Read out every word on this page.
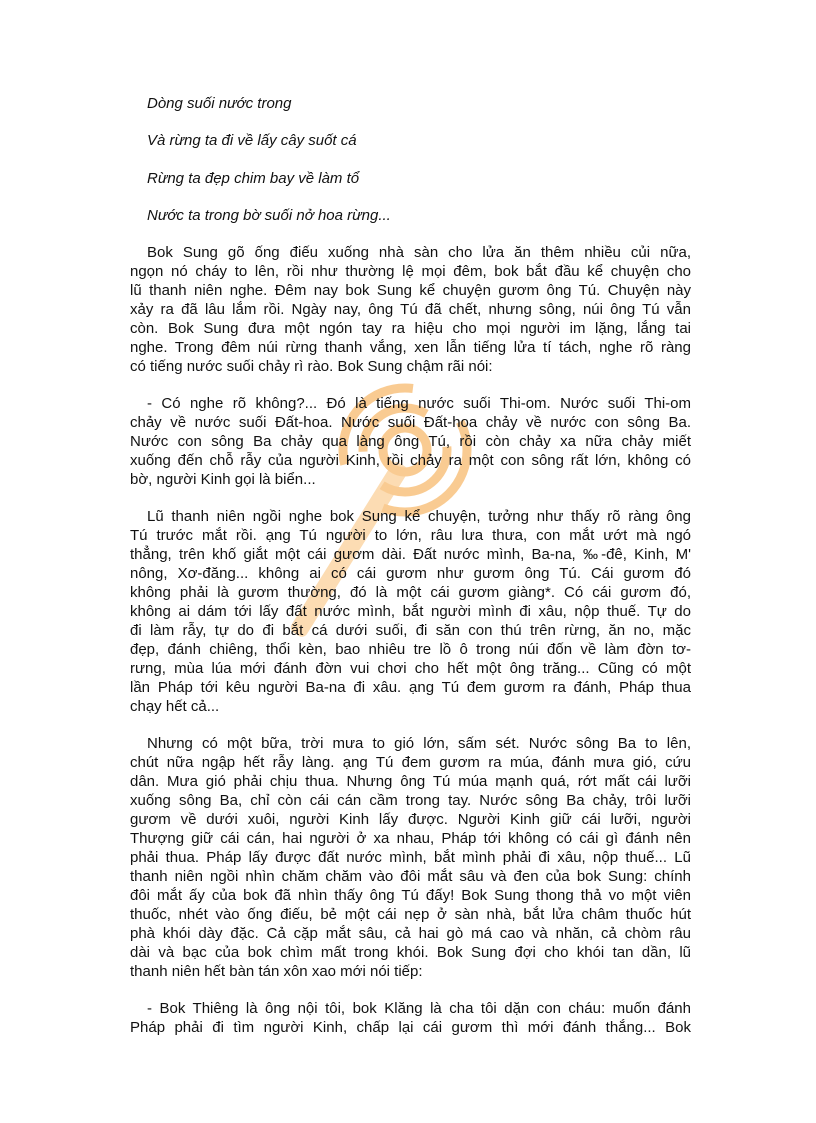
Dòng suối nước trong
Và rừng ta đi về lấy cây suốt cá
Rừng ta đẹp chim bay về làm tổ
Nước ta trong bờ suối nở hoa rừng...
Bok Sung gõ ống điếu xuống nhà sàn cho lửa ăn thêm nhiều củi nữa,
ngọn nó cháy to lên, rồi như thường lệ mọi đêm, bok bắt đầu kể chuyện cho
lũ thanh niên nghe. Đêm nay bok Sung kể chuyện gươm ông Tú. Chuyện này
xảy ra đã lâu lắm rồi. Ngày nay, ông Tú đã chết, nhưng sông, núi ông Tú vẫn
còn. Bok Sung đưa một ngón tay ra hiệu cho mọi người im lặng, lắng tai
nghe. Trong đêm núi rừng thanh vắng, xen lẫn tiếng lửa tí tách, nghe rõ ràng
có tiếng nước suối chảy rì rào. Bok Sung chậm rãi nói:
- Có nghe rõ không?... Đó là tiếng nước suối Thi-om. Nước suối Thi-om
chảy về nước suối Đất-hoa. Nước suối Đất-hoa chảy về nước con sông Ba.
Nước con sông Ba chảy qua làng ông Tú, rồi còn chảy xa nữa chảy miết
xuống đến chỗ rẫy của người Kinh, rồi chảy ra một con sông rất lớn, không có
bờ, người Kinh gọi là biển...
Lũ thanh niên ngồi nghe bok Sung kể chuyện, tưởng như thấy rõ ràng ông
Tú trước mắt rồi. ạng Tú người to lớn, râu lưa thưa, con mắt ướt mà ngó
thẳng, trên khố giắt một cái gươm dài. Đất nước mình, Ba-na, ‰-đê, Kinh, M'
nông, Xơ-đăng... không ai có cái gươm như gươm ông Tú. Cái gươm đó
không phải là gươm thường, đó là một cái gươm giàng*. Có cái gươm đó,
không ai dám tới lấy đất nước mình, bắt người mình đi xâu, nộp thuế. Tự do
đi làm rẫy, tự do đi bắt cá dưới suối, đi săn con thú trên rừng, ăn no, mặc
đẹp, đánh chiêng, thổi kèn, bao nhiêu tre lồ ô trong núi đốn về làm đờn tơ-
rưng, mùa lúa mới đánh đờn vui chơi cho hết một ông trăng... Cũng có một
lần Pháp tới kêu người Ba-na đi xâu. ạng Tú đem gươm ra đánh, Pháp thua
chạy hết cả...
Nhưng có một bữa, trời mưa to gió lớn, sấm sét. Nước sông Ba to lên,
chút nữa ngập hết rẫy làng. ạng Tú đem gươm ra múa, đánh mưa gió, cứu
dân. Mưa gió phải chịu thua. Nhưng ông Tú múa mạnh quá, rớt mất cái lưỡi
xuống sông Ba, chỉ còn cái cán cầm trong tay. Nước sông Ba chảy, trôi lưỡi
gươm về dưới xuôi, người Kinh lấy được. Người Kinh giữ cái lưỡi, người
Thượng giữ cái cán, hai người ở xa nhau, Pháp tới không có cái gì đánh nên
phải thua. Pháp lấy được đất nước mình, bắt mình phải đi xâu, nộp thuế... Lũ
thanh niên ngồi nhìn chăm chăm vào đôi mắt sâu và đen của bok Sung: chính
đôi mắt ấy của bok đã nhìn thấy ông Tú đấy! Bok Sung thong thả vo một viên
thuốc, nhét vào ống điếu, bẻ một cái nẹp ở sàn nhà, bắt lửa châm thuốc hút
phà khói dày đặc. Cả cặp mắt sâu, cả hai gò má cao và nhăn, cả chòm râu
dài và bạc của bok chìm mất trong khói. Bok Sung đợi cho khói tan dần, lũ
thanh niên hết bàn tán xôn xao mới nói tiếp:
- Bok Thiêng là ông nội tôi, bok Klăng là cha tôi dặn con cháu: muốn đánh
Pháp phải đi tìm người Kinh, chấp lại cái gươm thì mới đánh thắng... Bok
